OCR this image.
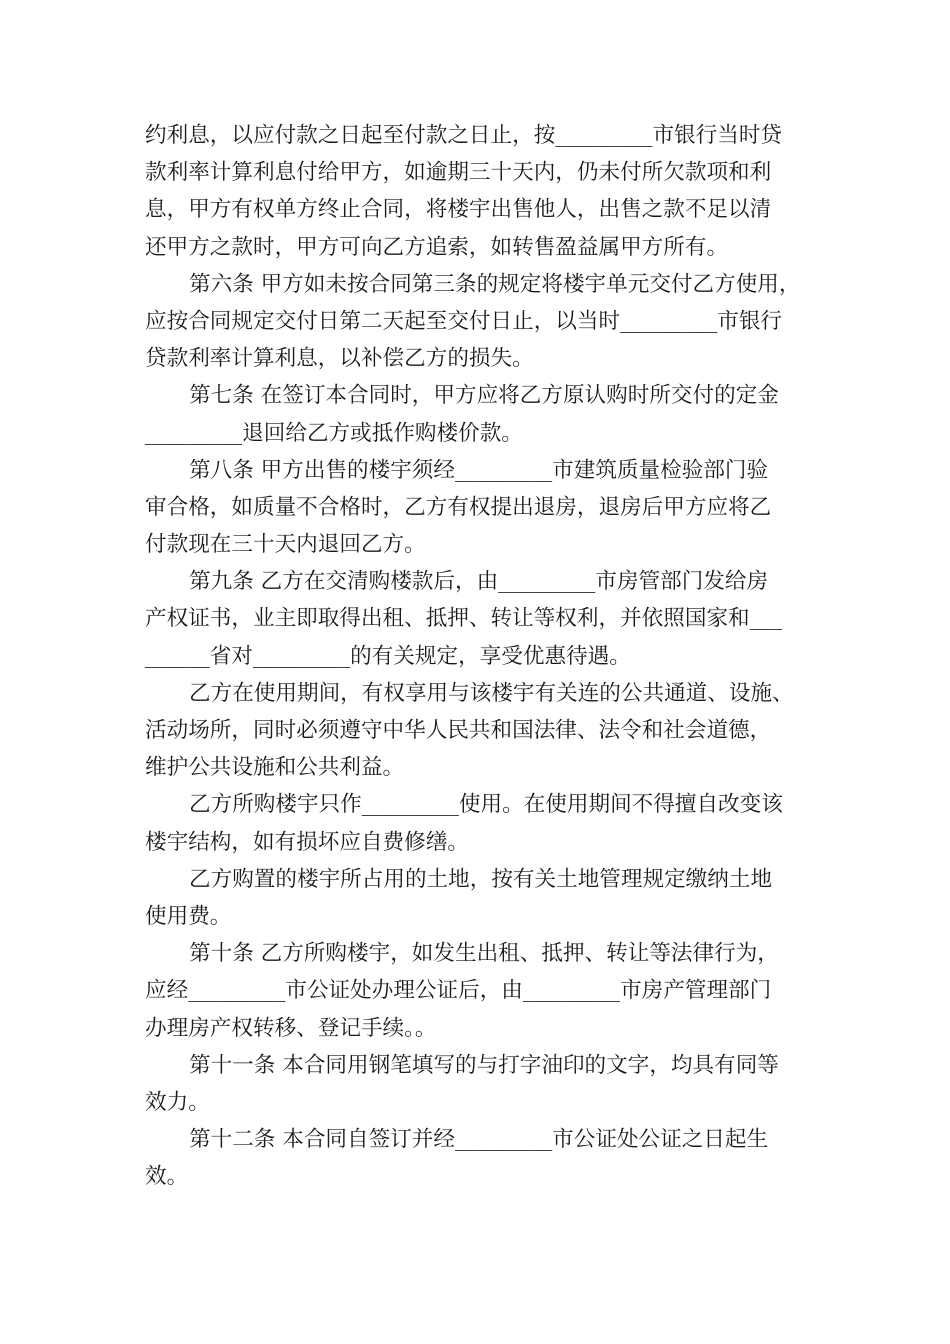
约利息，以应付款之日起至付款之日止，按_________市银行当时贷
款利率计算利息付给甲方，如逾期三十天内，仍未付所欠款项和利
息，甲方有权单方终止合同，将楼宇出售他人，出售之款不足以清
还甲方之款时，甲方可向乙方追索，如转售盈益属甲方所有。
第六条 甲方如未按合同第三条的规定将楼宇单元交付乙方使用，
应按合同规定交付日第二天起至交付日止，以当时_________市银行
贷款利率计算利息，以补偿乙方的损失。
第七条 在签订本合同时，甲方应将乙方原认购时所交付的定金
_________退回给乙方或抵作购楼价款。
第八条 甲方出售的楼宇须经_________市建筑质量检验部门验
审合格，如质量不合格时，乙方有权提出退房，退房后甲方应将乙
付款现在三十天内退回乙方。
第九条 乙方在交清购楼款后，由_________市房管部门发给房
产权证书，业主即取得出租、抵押、转让等权利，并依照国家和___
______省对_________的有关规定，享受优惠待遇。
乙方在使用期间，有权享用与该楼宇有关连的公共通道、设施、
活动场所，同时必须遵守中华人民共和国法律、法令和社会道德，
维护公共设施和公共利益。
乙方所购楼宇只作_________使用。在使用期间不得擅自改变该
楼宇结构，如有损坏应自费修缮。
乙方购置的楼宇所占用的土地，按有关土地管理规定缴纳土地
使用费。
第十条 乙方所购楼宇，如发生出租、抵押、转让等法律行为，
应经_________市公证处办理公证后，由_________市房产管理部门
办理房产权转移、登记手续。。
第十一条 本合同用钢笔填写的与打字油印的文字，均具有同等
效力。
第十二条 本合同自签订并经_________市公证处公证之日起生
效。
